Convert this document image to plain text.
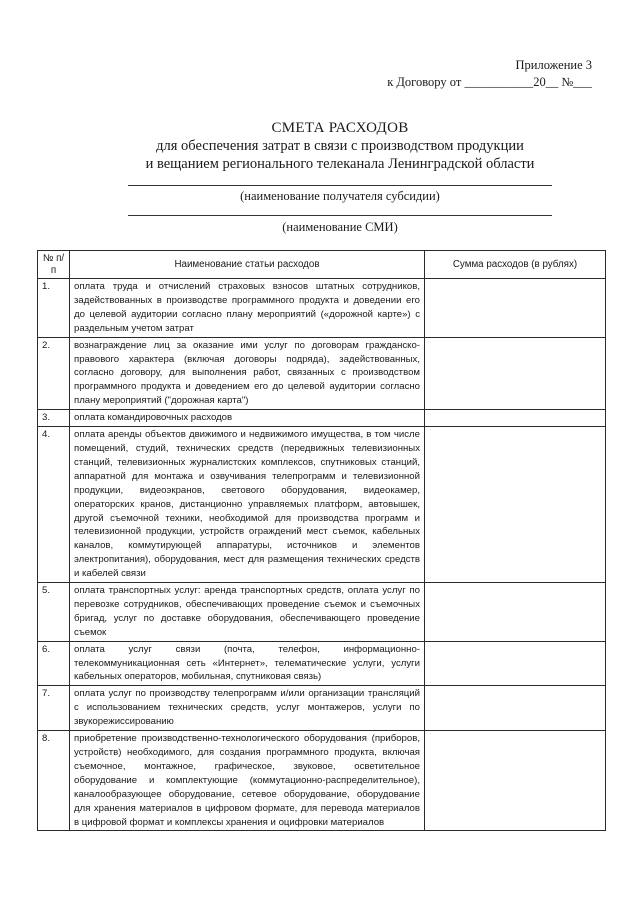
Приложение 3
к Договору от ___________20__ №___
СМЕТА РАСХОДОВ
для обеспечения затрат в связи с производством продукции
и вещанием регионального телеканала Ленинградской области
(наименование получателя субсидии)
(наименование СМИ)
№ п/п	Наименование статьи расходов	Сумма расходов (в рублях)
1.	оплата труда и отчислений страховых взносов штатных сотрудников, задействованных в производстве программного продукта и доведении его до целевой аудитории согласно плану мероприятий («дорожной карте») с раздельным учетом затрат	
2.	вознаграждение лиц за оказание ими услуг по договорам гражданско-правового характера (включая договоры подряда), задействованных, согласно договору, для выполнения работ, связанных с производством программного продукта и доведением его до целевой аудитории согласно плану мероприятий ("дорожная карта")	
3.	оплата командировочных расходов	
4.	оплата аренды объектов движимого и недвижимого имущества, в том числе помещений, студий, технических средств (передвижных телевизионных станций, телевизионных журналистских комплексов, спутниковых станций, аппаратной для монтажа и озвучивания телепрограмм и телевизионной продукции, видеоэкранов, светового оборудования, видеокамер, операторских кранов, дистанционно управляемых платформ, автовышек, другой съемочной техники, необходимой для производства программ и телевизионной продукции, устройств ограждений мест съемок, кабельных каналов, коммутирующей аппаратуры, источников и элементов электропитания), оборудования, мест для размещения технических средств и кабелей связи	
5.	оплата транспортных услуг: аренда транспортных средств, оплата услуг по перевозке сотрудников, обеспечивающих проведение съемок и съемочных бригад, услуг по доставке оборудования, обеспечивающего проведение съемок	
6.	оплата услуг связи (почта, телефон, информационно-телекоммуникационная сеть «Интернет», телематические услуги, услуги кабельных операторов, мобильная, спутниковая связь)	
7.	оплата услуг по производству телепрограмм и/или организации трансляций с использованием технических средств, услуг монтажеров, услуги по звукорежиссированию	
8.	приобретение производственно-технологического оборудования (приборов, устройств) необходимого, для создания программного продукта, включая съемочное, монтажное, графическое, звуковое, осветительное оборудование и комплектующие (коммутационно-распределительное), каналообразующее оборудование, сетевое оборудование, оборудование для хранения материалов в цифровом формате, для перевода материалов в цифровой формат и комплексы хранения и оцифровки материалов	
